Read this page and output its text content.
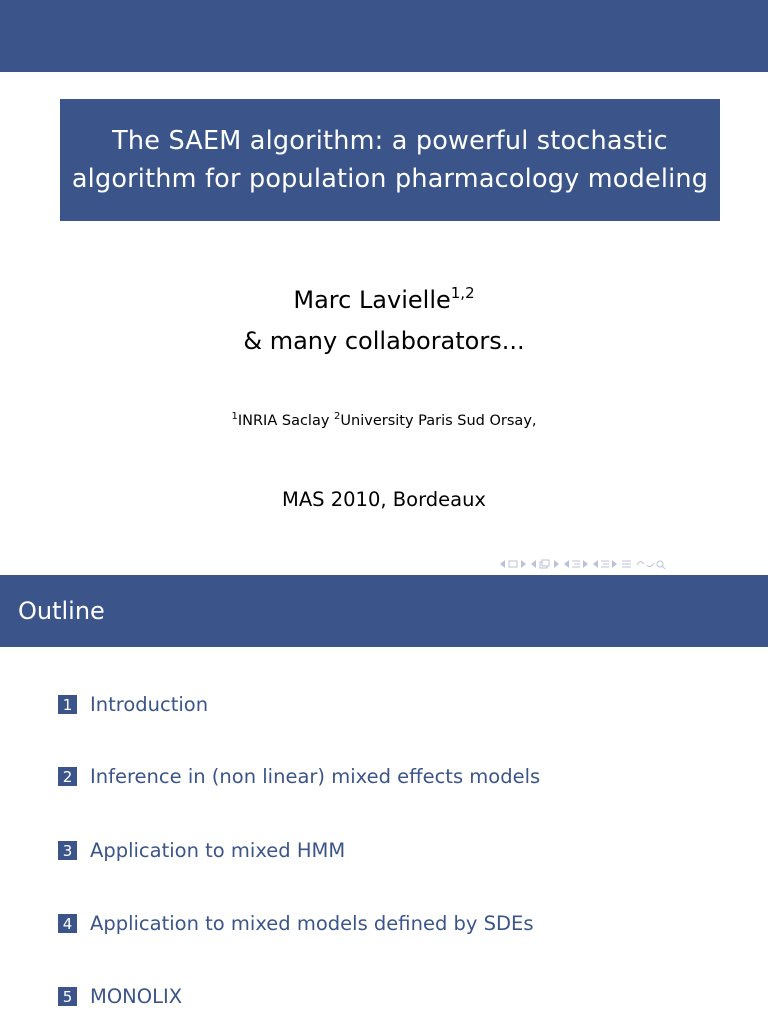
The SAEM algorithm: a powerful stochastic
algorithm for population pharmacology modeling
Marc Lavielle$^{1,2}$
& many collaborators...
$^1$INRIA Saclay $^2$University Paris Sud Orsay,
MAS 2010, Bordeaux
Outline
1 Introduction
2 Inference in (non linear) mixed effects models
3 Application to mixed HMM
4 Application to mixed models defined by SDEs
5 MONOLIX
